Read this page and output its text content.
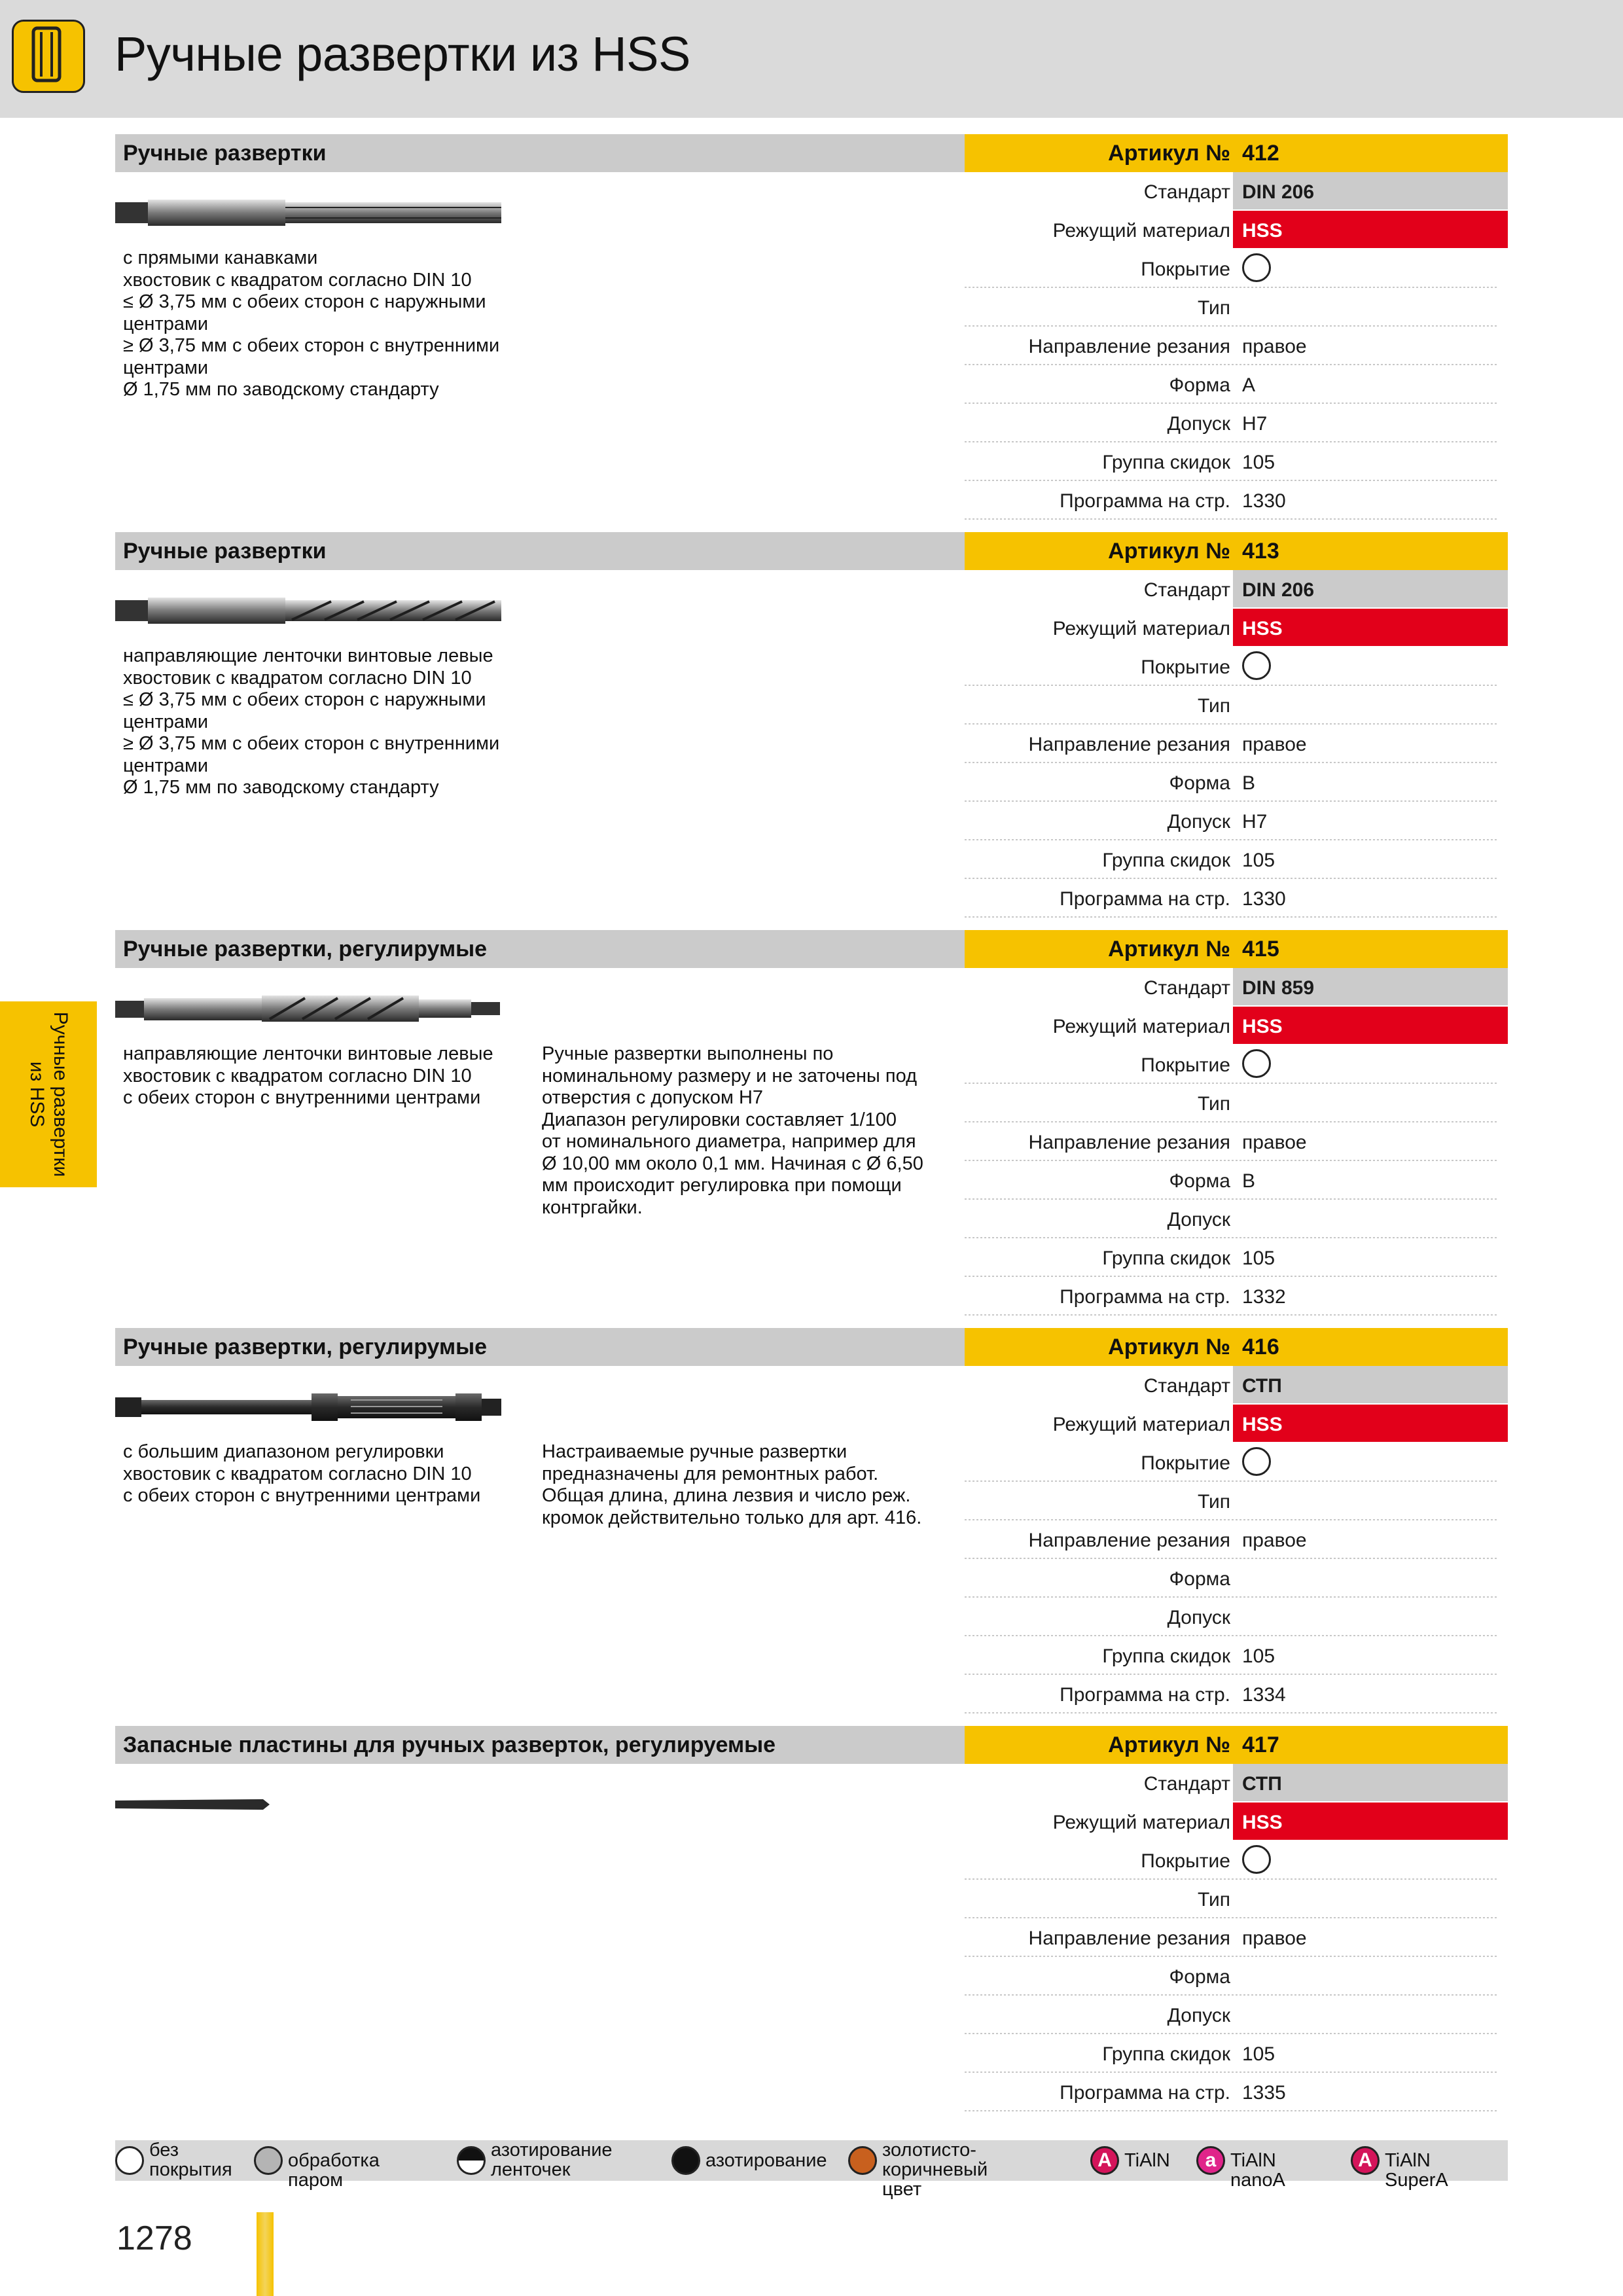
Ручные развертки из HSS
Ручные развертки
из HSS
Ручные развертки	Артикул № 412
с прямыми канавками
хвостовик с квадратом согласно DIN 10
≤ Ø 3,75 мм с обеих сторон с наружными
центрами
≥ Ø 3,75 мм с обеих сторон с внутренними
центрами
Ø 1,75 мм по заводскому стандарту
Стандарт DIN 206
Режущий материал HSS
Покрытие
Тип
Направление резания правое
Форма A
Допуск H7
Группа скидок 105
Программа на стр. 1330
Ручные развертки	Артикул № 413
направляющие ленточки винтовые левые
хвостовик с квадратом согласно DIN 10
≤ Ø 3,75 мм с обеих сторон с наружными
центрами
≥ Ø 3,75 мм с обеих сторон с внутренними
центрами
Ø 1,75 мм по заводскому стандарту
Стандарт DIN 206
Режущий материал HSS
Покрытие
Тип
Направление резания правое
Форма B
Допуск H7
Группа скидок 105
Программа на стр. 1330
Ручные развертки, регулирумые	Артикул № 415
направляющие ленточки винтовые левые
хвостовик с квадратом согласно DIN 10
с обеих сторон с внутренними центрами
Ручные развертки выполнены по
номинальному размеру и не заточены под
отверстия с допуском H7
Диапазон регулировки составляет 1/100
от номинального диаметра, например для
Ø 10,00 мм около 0,1 мм. Начиная с Ø 6,50
мм происходит регулировка при помощи
контргайки.
Стандарт DIN 859
Режущий материал HSS
Покрытие
Тип
Направление резания правое
Форма B
Допуск
Группа скидок 105
Программа на стр. 1332
Ручные развертки, регулирумые	Артикул № 416
с большим диапазоном регулировки
хвостовик с квадратом согласно DIN 10
с обеих сторон с внутренними центрами
Настраиваемые ручные развертки
предназначены для ремонтных работ.
Общая длина, длина лезвия и число реж.
кромок действительно только для арт. 416.
Стандарт СТП
Режущий материал HSS
Покрытие
Тип
Направление резания правое
Форма
Допуск
Группа скидок 105
Программа на стр. 1334
Запасные пластины для ручных разверток, регулируемые	Артикул № 417
Стандарт СТП
Режущий материал HSS
Покрытие
Тип
Направление резания правое
Форма
Допуск
Группа скидок 105
Программа на стр. 1335
без
покрытия	обработка паром
азотирование
ленточек	азотирование	золотисто-коричневый
цвет
A TiAlN	a TiAlN nanoA
A TiAlN SuperA
1278
